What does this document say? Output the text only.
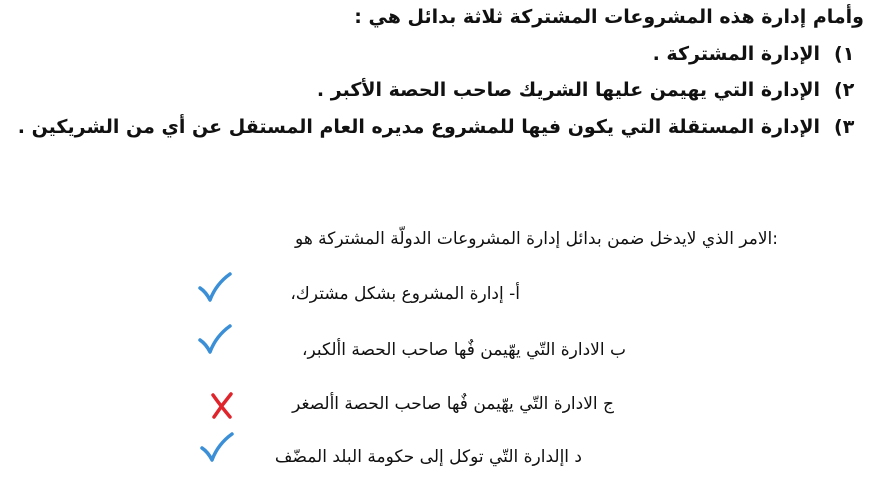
وأمام إدارة هذه المشروعات المشتركة ثلاثة بدائل هي :
١)
الإدارة المشتركة .
٢)
الإدارة التي يهيمن عليها الشريك صاحب الحصة الأكبر .
٣)
الإدارة المستقلة التي يكون فيها للمشروع مديره العام المستقل عن أي من الشريكين .
:الامر الذي لايدخل ضمن بدائل إدارة المشروعات الدولّة المشتركة هو
أ- إدارة المشروع بشكل مشترك،
ب الادارة التّي يهّيمن فٌها صاحب الحصة األكبر،
ج الادارة التّي يهّيمن فٌها صاحب الحصة األصغر
د اإلدارة التّي توكل إلى حكومة البلد المضّف
